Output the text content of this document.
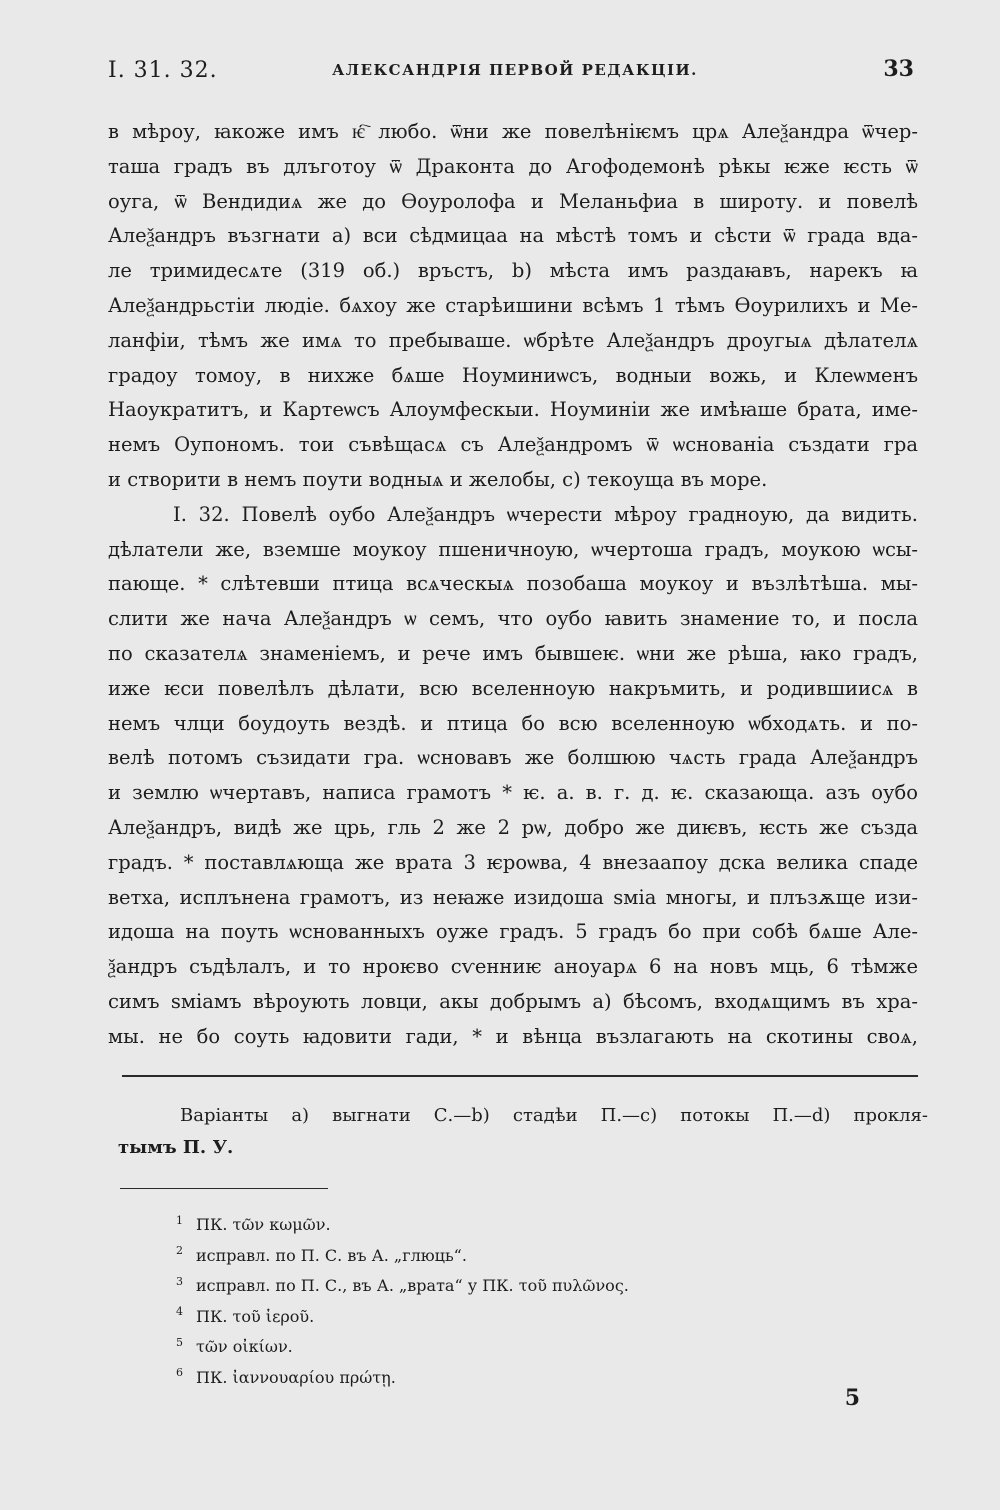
I. 31. 32.	АЛЕКСАНДРІЯ ПЕРВОЙ РЕДАКЦІИ.	33
в мѣроу, ꙗкоже имъ ѥ҇ любо. ѿни же повелѣніѥмъ црѧ Алеѯандра ѿчер-
таша градъ въ длъготоу ѿ Драконта до Агофодемонѣ рѣкы ѥже ѥсть ѿ
оуга, ѿ Вендидиѧ же до Ѳоуролофа и Меланьфиа в широту. и повелѣ
Алеѯандръ възгнати а) вси сѣдмицаа на мѣстѣ томъ и сѣсти ѿ града вда-
ле тримидесѧте (319 об.) връстъ, b) мѣста имъ раздаꙗвъ, нарекъ ꙗ
Алеѯандрьстіи людіе. бѧхоу же старѣишини всѣмъ 1 тѣмъ Ѳоурилихъ и Ме-
ланфіи, тѣмъ же имѧ то пребываше. ѡбрѣте Алеѯандръ дроугыѧ дѣлателѧ
градоу томоу, в нихже бѧше Ноуминиѡсъ, водныи вожь, и Клеѡменъ
Наоукратитъ, и Картеѡсъ Алоумфескыи. Ноуминіи же имѣꙗше брата, име-
немъ Оупономъ. тои съвѣщасѧ съ Алеѯандромъ ѿ ѡснованіа създати гра
и створити в немъ поути водныѧ и желобы, c) текоуща въ море.
I. 32. Повелѣ оубо Алеѯандръ ѡчерести мѣроу градноую, да видить.
дѣлатели же, вземше моукоу пшеничноую, ѡчертоша градъ, моукою ѡсы-
пающе. * слѣтевши птица всѧческыѧ позобаша моукоу и възлѣтѣша. мы-
слити же нача Алеѯандръ ѡ семъ, что оубо ꙗвить знамение то, и посла
по сказателѧ знаменіемъ, и рече имъ бывшеѥ. ѡни же рѣша, ꙗко градъ,
иже ѥси повелѣлъ дѣлати, всю вселенноую накръмить, и родившиисѧ в
немъ члци боудоуть вездѣ. и птица бо всю вселенноую ѡбходѧть. и по-
велѣ потомъ съзидати гра. ѡсновавъ же болшюю чѧсть града Алеѯандръ
и землю ѡчертавъ, написа грамотъ * ѥ. а. в. г. д. ѥ. сказающа. азъ оубо
Алеѯандръ, видѣ же црь, гль 2 же 2 рѡ, добро же диѥвъ, ѥсть же създа
градъ. * поставлѧюща же врата 3 ѥроѡва, 4 внезаапоу дска велика спаде
ветха, исплънена грамотъ, из неꙗже изидоша ѕміа многы, и плъзѫще изи-
идоша на поуть ѡснованныхъ оуже градъ. 5 градъ бо при собѣ бѧше Але-
ѯандръ съдѣлалъ, и то нроѥво сѵенниѥ аноуарѧ 6 на новъ мць, 6 тѣмже
симъ ѕміамъ вѣроують ловци, акы добрымъ а) бѣсомъ, входѧщимъ въ хра-
мы. не бо соуть ꙗдовити гади, * и вѣнца възлагають на скотины своѧ,
Варіанты а) выгнати С.—b) стадѣи П.—c) потокы П.—d) прокля-
тымъ П. У.
1 ПК. τῶν κωμῶν.
2 исправл. по П. С. въ А. „глюць“.
3 исправл. по П. С., въ А. „врата“ у ПК. τοῦ πυλῶνος.
4 ПК. τοῦ ἱεροῦ.
5 τῶν οἰκίων.
6 ПК. ἰαννουαρίου πρώτῃ.
5
